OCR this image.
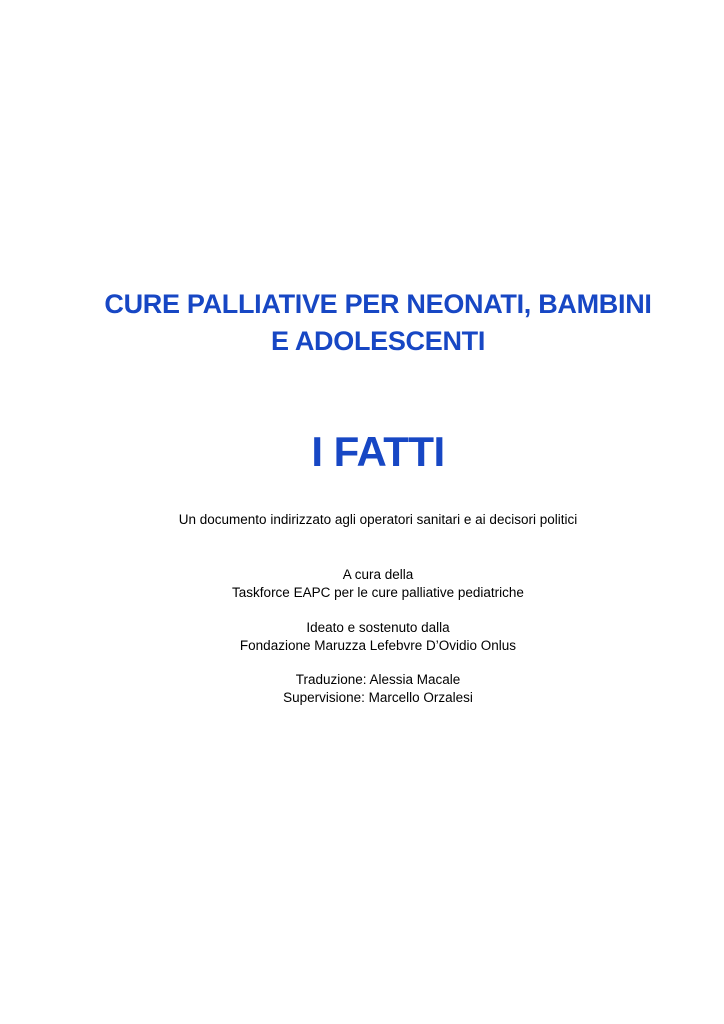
CURE PALLIATIVE PER NEONATI, BAMBINI
E ADOLESCENTI
I FATTI
Un documento indirizzato agli operatori sanitari e ai decisori politici
A cura della
Taskforce EAPC per le cure palliative pediatriche
Ideato e sostenuto dalla
Fondazione Maruzza Lefebvre D’Ovidio Onlus
Traduzione: Alessia Macale
Supervisione: Marcello Orzalesi
